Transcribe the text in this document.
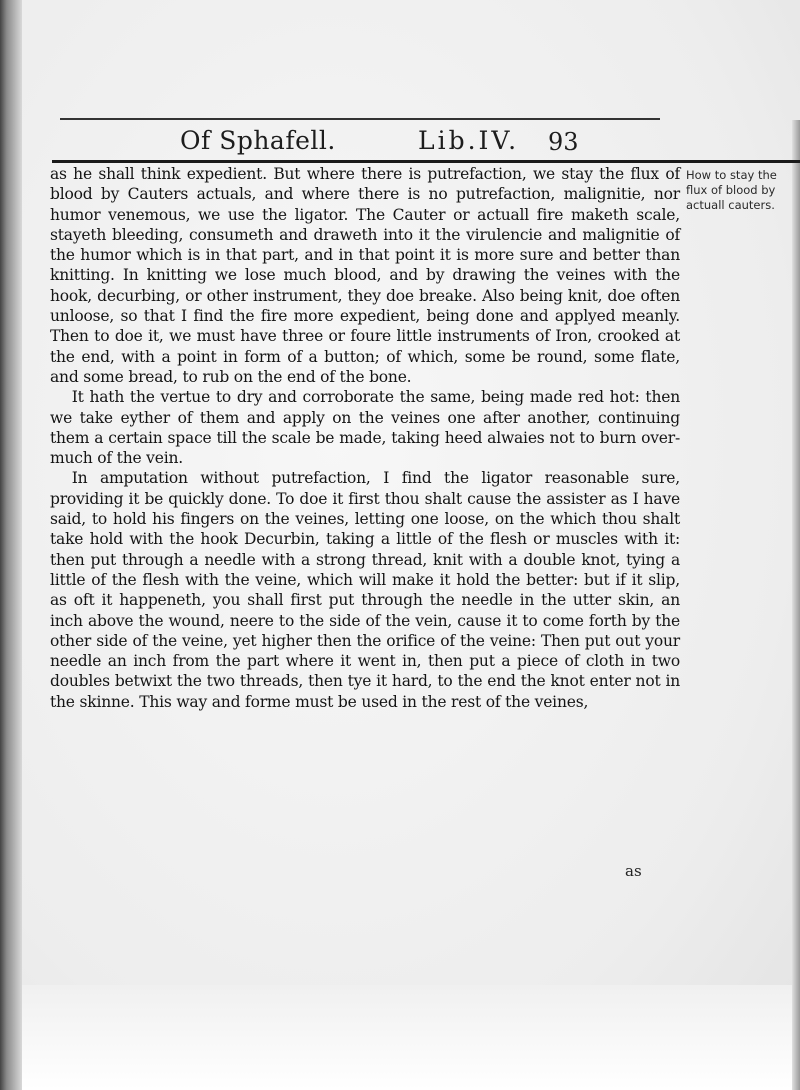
Of Sphafell.	Lib.IV. 93

as he shall think expedient. But where there is putrefaction, we stay the flux of blood by Cauters actuals, and where there is no putrefaction, malignitie, nor humor venemous, we use the ligator. The Cauter or actuall fire maketh scale, stayeth bleeding, consumeth and draweth into it the virulencie and malignitie of the humor which is in that part, and in that point it is more sure and better than knitting. In knitting we lose much blood, and by drawing the veines with the hook, decurbing, or other instrument, they doe breake. Also being knit, doe often unloose, so that I find the fire more expedient, being done and applyed meanly. Then to doe it, we must have three or foure little instruments of Iron, crooked at the end, with a point in form of a button; of which, some be round, some flate, and some bread, to rub on the end of the bone.

It hath the vertue to dry and corroborate the same, being made red hot: then we take eyther of them and apply on the veines one after another, continuing them a certain space till the scale be made, taking heed alwaies not to burn over-much of the vein.

In amputation without putrefaction, I find the ligator reasonable sure, providing it be quickly done. To doe it first thou shalt cause the assister as I have said, to hold his fingers on the veines, letting one loose, on the which thou shalt take hold with the hook Decurbin, taking a little of the flesh or muscles with it: then put through a needle with a strong thread, knit with a double knot, tying a little of the flesh with the veine, which will make it hold the better: but if it slip, as oft it happeneth, you shall first put through the needle in the utter skin, an inch above the wound, neere to the side of the vein, cause it to come forth by the other side of the veine, yet higher then the orifice of the veine: Then put out your needle an inch from the part where it went in, then put a piece of cloth in two doubles betwixt the two threads, then tye it hard, to the end the knot enter not in the skinne. This way and forme must be used in the rest of the veines,

How to stay the flux of blood by actuall cauters.
as
